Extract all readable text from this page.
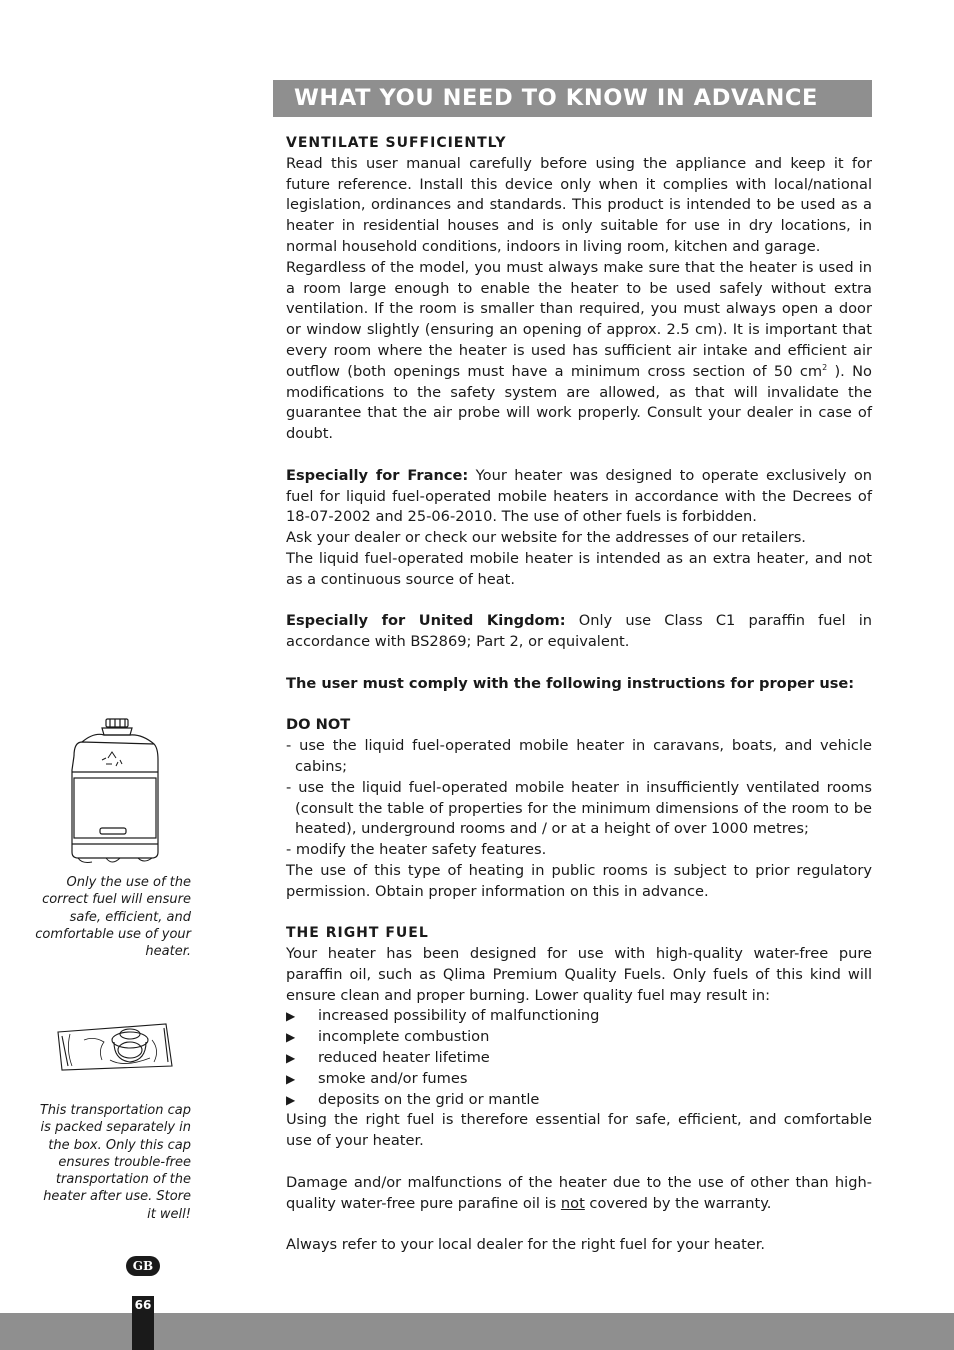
WHAT YOU NEED TO KNOW IN ADVANCE

VENTILATE SUFFICIENTLY

Read this user manual carefully before using the appliance and keep it for future reference. Install this device only when it complies with local/national legislation, ordinances and standards. This product is intended to be used as a heater in residential houses and is only suitable for use in dry locations, in normal household conditions, indoors in living room, kitchen and garage.

Regardless of the model, you must always make sure that the heater is used in a room large enough to enable the heater to be used safely without extra ventilation. If the room is smaller than required, you must always open a door or window slightly (ensuring an opening of approx. 2.5 cm). It is important that every room where the heater is used has sufficient air intake and efficient air outflow (both openings must have a minimum cross section of 50 $cm^2$ ). No modifications to the safety system are allowed, as that will invalidate the guarantee that the air probe will work properly. Consult your dealer in case of doubt.

Especially for France: Your heater was designed to operate exclusively on fuel for liquid fuel-operated mobile heaters in accordance with the Decrees of 18-07-2002 and 25-06-2010. The use of other fuels is forbidden.

Ask your dealer or check our website for the addresses of our retailers.

The liquid fuel-operated mobile heater is intended as an extra heater, and not as a continuous source of heat.

Especially for United Kingdom: Only use Class C1 paraffin fuel in accordance with BS2869; Part 2, or equivalent.

The user must comply with the following instructions for proper use:

DO NOT

- use the liquid fuel-operated mobile heater in caravans, boats, and vehicle cabins;
- use the liquid fuel-operated mobile heater in insufficiently ventilated rooms (consult the table of properties for the minimum dimensions of the room to be heated), underground rooms and / or at a height of over 1000 metres;
- modify the heater safety features.

The use of this type of heating in public rooms is subject to prior regulatory permission. Obtain proper information on this in advance.

THE RIGHT FUEL

Your heater has been designed for use with high-quality water-free pure paraffin oil, such as Qlima Premium Quality Fuels. Only fuels of this kind will ensure clean and proper burning. Lower quality fuel may result in:

▶	increased possibility of malfunctioning
▶	incomplete combustion
▶	reduced heater lifetime
▶	smoke and/or fumes
▶	deposits on the grid or mantle

Using the right fuel is therefore essential for safe, efficient, and comfortable use of your heater.

Damage and/or malfunctions of the heater due to the use of other than high-quality water-free pure parafine oil is not covered by the warranty.

Always refer to your local dealer for the right fuel for your heater.

Only the use of the correct fuel will ensure safe, efficient, and comfortable use of your heater.
This transportation cap is packed separately in the box. Only this cap ensures trouble-free transportation of the heater after use. Store it well!
GB
66
